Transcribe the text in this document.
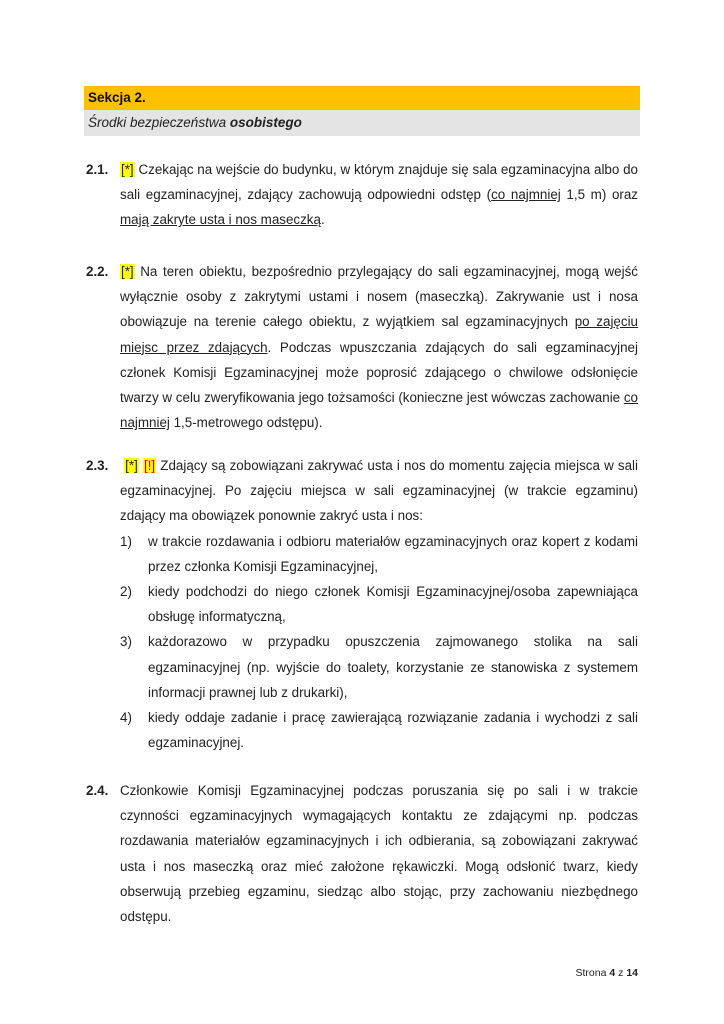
Sekcja 2.
Środki bezpieczeństwa osobistego
2.1. [*] Czekając na wejście do budynku, w którym znajduje się sala egzaminacyjna albo do sali egzaminacyjnej, zdający zachowują odpowiedni odstęp (co najmniej 1,5 m) oraz mają zakryte usta i nos maseczką.

2.2. [*] Na teren obiektu, bezpośrednio przylegający do sali egzaminacyjnej, mogą wejść wyłącznie osoby z zakrytymi ustami i nosem (maseczką). Zakrywanie ust i nosa obowiązuje na terenie całego obiektu, z wyjątkiem sal egzaminacyjnych po zajęciu miejsc przez zdających. Podczas wpuszczania zdających do sali egzaminacyjnej członek Komisji Egzaminacyjnej może poprosić zdającego o chwilowe odsłonięcie twarzy w celu zweryfikowania jego tożsamości (konieczne jest wówczas zachowanie co najmniej 1,5-metrowego odstępu).

2.3.	[*] [!] Zdający są zobowiązani zakrywać usta i nos do momentu zajęcia miejsca w sali egzaminacyjnej. Po zajęciu miejsca w sali egzaminacyjnej (w trakcie egzaminu) zdający ma obowiązek ponownie zakryć usta i nos:

1) w trakcie rozdawania i odbioru materiałów egzaminacyjnych oraz kopert z kodami przez członka Komisji Egzaminacyjnej,
2) kiedy podchodzi do niego członek Komisji Egzaminacyjnej/osoba zapewniająca obsługę informatyczną,
3) każdorazowo w przypadku opuszczenia zajmowanego stolika na sali egzaminacyjnej (np. wyjście do toalety, korzystanie ze stanowiska z systemem informacji prawnej lub z drukarki),
4) kiedy oddaje zadanie i pracę zawierającą rozwiązanie zadania i wychodzi z sali egzaminacyjnej.
2.4. Członkowie Komisji Egzaminacyjnej podczas poruszania się po sali i w trakcie czynności egzaminacyjnych wymagających kontaktu ze zdającymi np. podczas rozdawania materiałów egzaminacyjnych i ich odbierania, są zobowiązani zakrywać usta i nos maseczką oraz mieć założone rękawiczki. Mogą odsłonić twarz, kiedy obserwują przebieg egzaminu, siedząc albo stojąc, przy zachowaniu niezbędnego odstępu.

Strona 4 z 14
